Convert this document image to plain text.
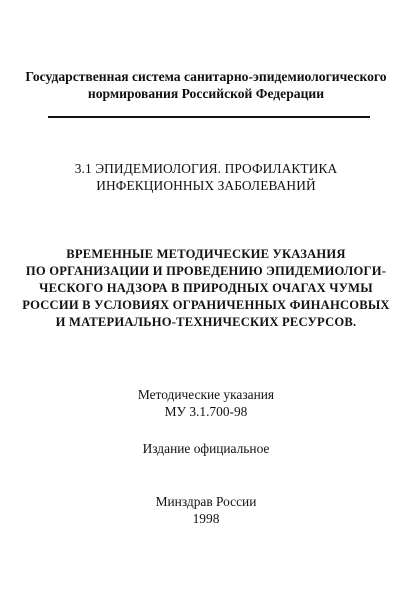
Государственная система санитарно-эпидемиологического
нормирования Российской Федерации
3.1 ЭПИДЕМИОЛОГИЯ. ПРОФИЛАКТИКА
ИНФЕКЦИОННЫХ ЗАБОЛЕВАНИЙ
ВРЕМЕННЫЕ МЕТОДИЧЕСКИЕ УКАЗАНИЯ
ПО ОРГАНИЗАЦИИ И ПРОВЕДЕНИЮ ЭПИДЕМИОЛОГИ-
ЧЕСКОГО НАДЗОРА В ПРИРОДНЫХ ОЧАГАХ ЧУМЫ
РОССИИ В УСЛОВИЯХ ОГРАНИЧЕННЫХ ФИНАНСОВЫХ
И МАТЕРИАЛЬНО-ТЕХНИЧЕСКИХ РЕСУРСОВ.
Методические указания
МУ 3.1.700-98
Издание официальное
Минздрав России
1998
